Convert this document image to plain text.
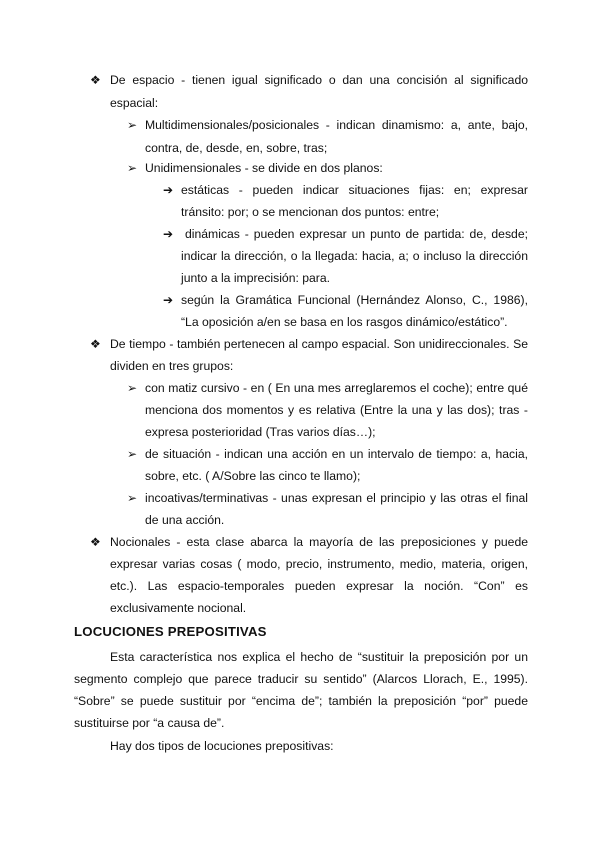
❖ De espacio - tienen igual significado o dan una concisión al significado
espacial:
➢ Multidimensionales/posicionales - indican dinamismo: a, ante, bajo,
contra, de, desde, en, sobre, tras;
➢ Unidimensionales - se divide en dos planos:
➔ estáticas - pueden indicar situaciones fijas: en; expresar
tránsito: por; o se mencionan dos puntos: entre;
➔ dinámicas - pueden expresar un punto de partida: de, desde;
indicar la dirección, o la llegada: hacia, a; o incluso la dirección
junto a la imprecisión: para.
➔ según la Gramática Funcional (Hernández Alonso, C., 1986),
“La oposición a/en se basa en los rasgos dinámico/estático”.
❖ De tiempo - también pertenecen al campo espacial. Son unidireccionales. Se
dividen en tres grupos:
➢ con matiz cursivo - en ( En una mes arreglaremos el coche); entre qué
menciona dos momentos y es relativa (Entre la una y las dos); tras -
expresa posterioridad (Tras varios días…);
➢ de situación - indican una acción en un intervalo de tiempo: a, hacia,
sobre, etc. ( A/Sobre las cinco te llamo);
➢ incoativas/terminativas - unas expresan el principio y las otras el final
de una acción.
❖ Nocionales - esta clase abarca la mayoría de las preposiciones y puede
expresar varias cosas ( modo, precio, instrumento, medio, materia, origen,
etc.). Las espacio-temporales pueden expresar la noción. “Con” es
exclusivamente nocional.
LOCUCIONES PREPOSITIVAS
Esta característica nos explica el hecho de “sustituir la preposición por un
segmento complejo que parece traducir su sentido” (Alarcos Llorach, E., 1995).
“Sobre” se puede sustituir por “encima de”; también la preposición “por” puede
sustituirse por “a causa de”.
Hay dos tipos de locuciones prepositivas:
